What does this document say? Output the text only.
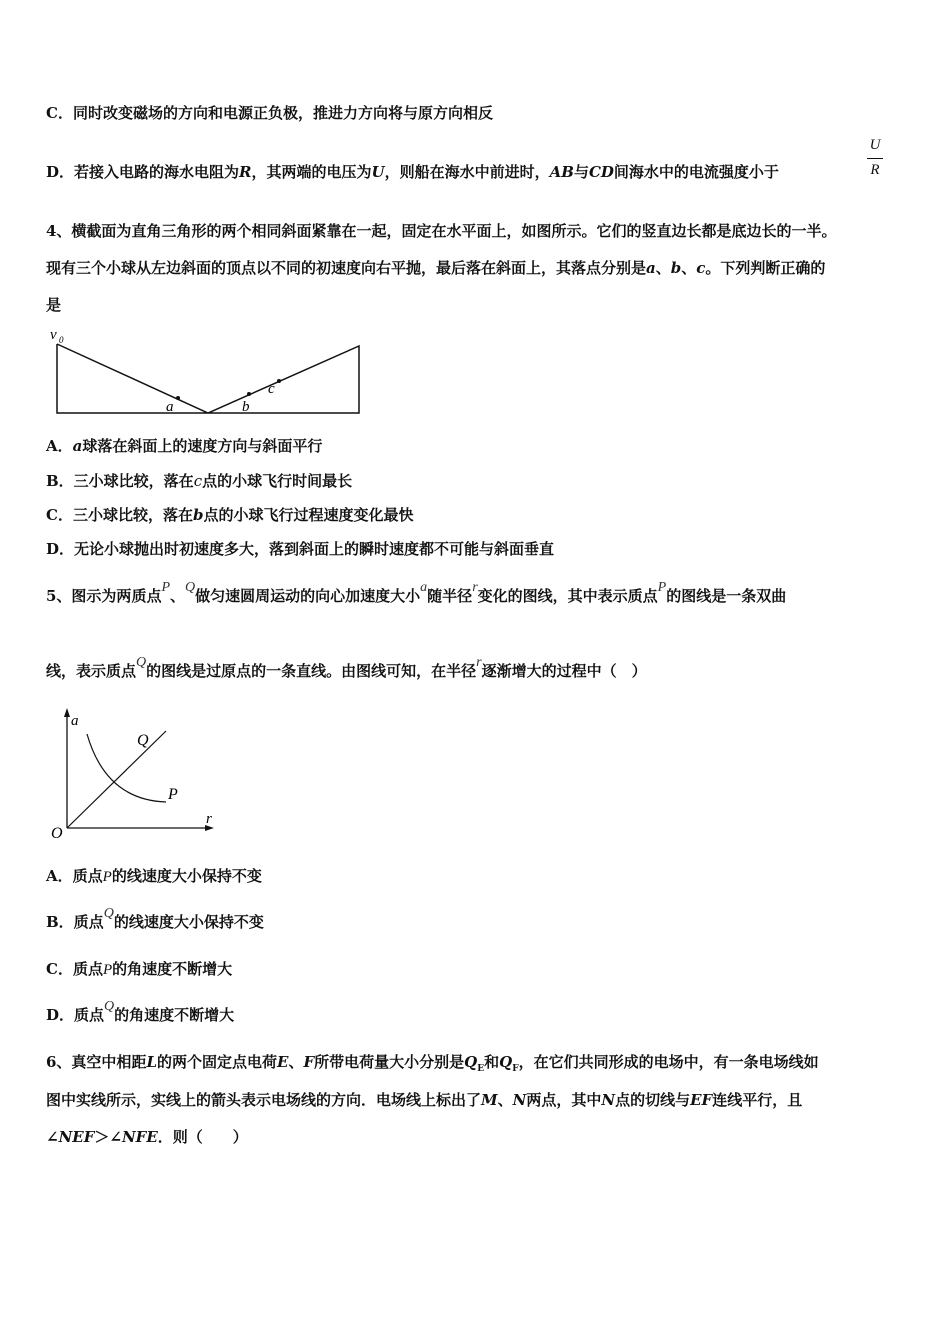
C．同时改变磁场的方向和电源正负极，推进力方向将与原方向相反
D．若接入电路的海水电阻为R，其两端的电压为U，则船在海水中前进时，AB与CD间海水中的电流强度小于
U
R
4、横截面为直角三角形的两个相同斜面紧靠在一起，固定在水平面上，如图所示。它们的竖直边长都是底边长的一半。
现有三个小球从左边斜面的顶点以不同的初速度向右平抛，最后落在斜面上，其落点分别是a、b、c。下列判断正确的
是
v 0
a	b
c
A．a球落在斜面上的速度方向与斜面平行
B．三小球比较，落在c点的小球飞行时间最长
C．三小球比较，落在b点的小球飞行过程速度变化最快
D．无论小球抛出时初速度多大，落到斜面上的瞬时速度都不可能与斜面垂直
5、图示为两质点P、Q做匀速圆周运动的向心加速度大小a随半径r变化的图线，其中表示质点P的图线是一条双曲
线，表示质点Q的图线是过原点的一条直线。由图线可知，在半径r逐渐增大的过程中（　）
a
r
O
Q
P
A．质点P的线速度大小保持不变
B．质点Q的线速度大小保持不变
C．质点P的角速度不断增大
D．质点Q的角速度不断增大
6、真空中相距L的两个固定点电荷E、F所带电荷量大小分别是$Q_E$和$Q_F$，在它们共同形成的电场中，有一条电场线如
图中实线所示，实线上的箭头表示电场线的方向．电场线上标出了M、N两点，其中N点的切线与EF连线平行，且
∠NEF＞∠NFE．则（　　）
